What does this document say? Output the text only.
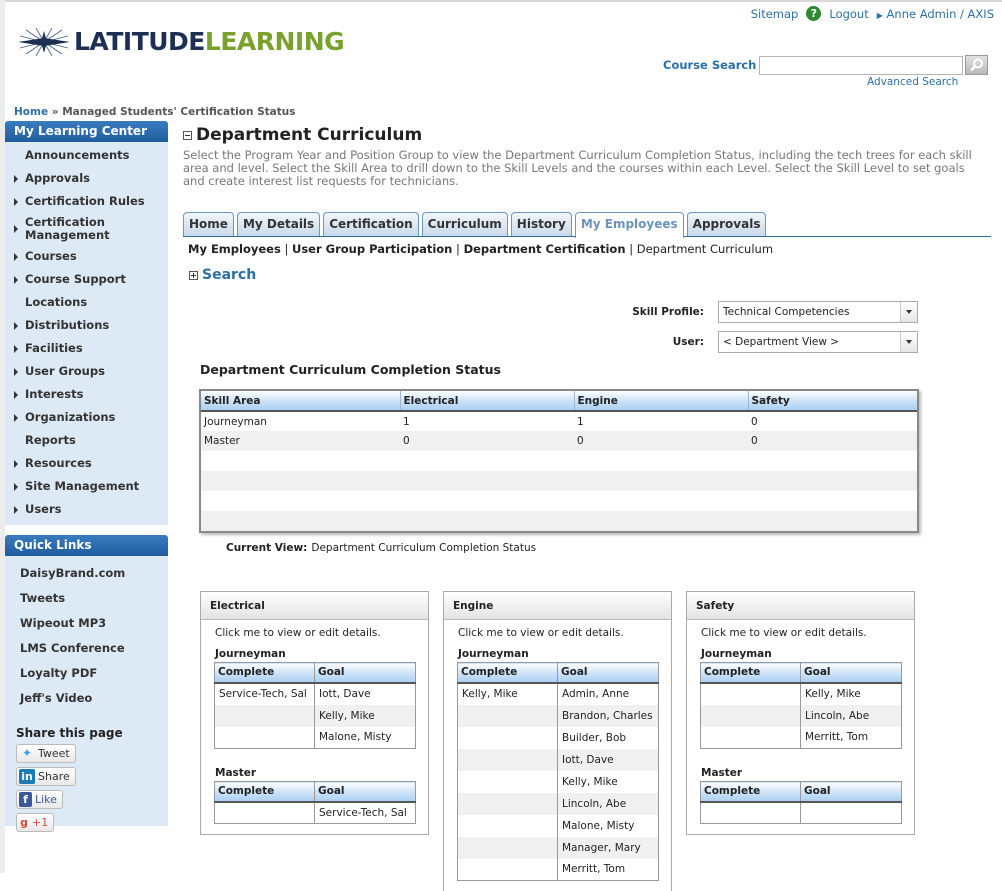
LATITUDELEARNING
Sitemap	?	Logout ▶ Anne Admin / AXIS
Course Search
Advanced Search
Home » Managed Students' Certification Status
My Learning Center
Announcements
Approvals
Certification Rules
Certification Management
Courses
Course Support
Locations
Distributions
Facilities
User Groups
Interests
Organizations
Reports
Resources
Site Management
Users
Quick Links
DaisyBrand.com
Tweets
Wipeout MP3
LMS Conference
Loyalty PDF
Jeff's Video
Share this page
✦ Tweet

in Share

f Like

g +1
Department Curriculum
Select the Program Year and Position Group to view the Department Curriculum Completion Status, including the tech trees for each skill area and level. Select the Skill Area to drill down to the Skill Levels and the courses within each Level. Select the Skill Level to set goals and create interest list requests for technicians.
Home	My Details	Certification	Curriculum	History	My Employees	Approvals
My Employees | User Group Participation | Department Certification | Department Curriculum
Search
Skill Profile:	Technical Competencies
User:	< Department View >
Department Curriculum Completion Status
Skill Area	Electrical	Engine	Safety
Journeyman	1	1	0
Master	0	0	0

Current View: Department Curriculum Completion Status
Electrical
Click me to view or edit details.
Journeyman
Complete	Goal
Service-Tech, Sal	Iott, Dave
	Kelly, Mike
	Malone, Misty
Master
Complete	Goal
	Service-Tech, Sal
Engine
Click me to view or edit details.
Journeyman
Complete	Goal
Kelly, Mike	Admin, Anne
	Brandon, Charles
	Builder, Bob
	Iott, Dave
	Kelly, Mike
	Lincoln, Abe
	Malone, Misty
	Manager, Mary
	Merritt, Tom
Safety
Click me to view or edit details.
Journeyman
Complete	Goal
	Kelly, Mike
	Lincoln, Abe
	Merritt, Tom
Master
Complete	Goal
